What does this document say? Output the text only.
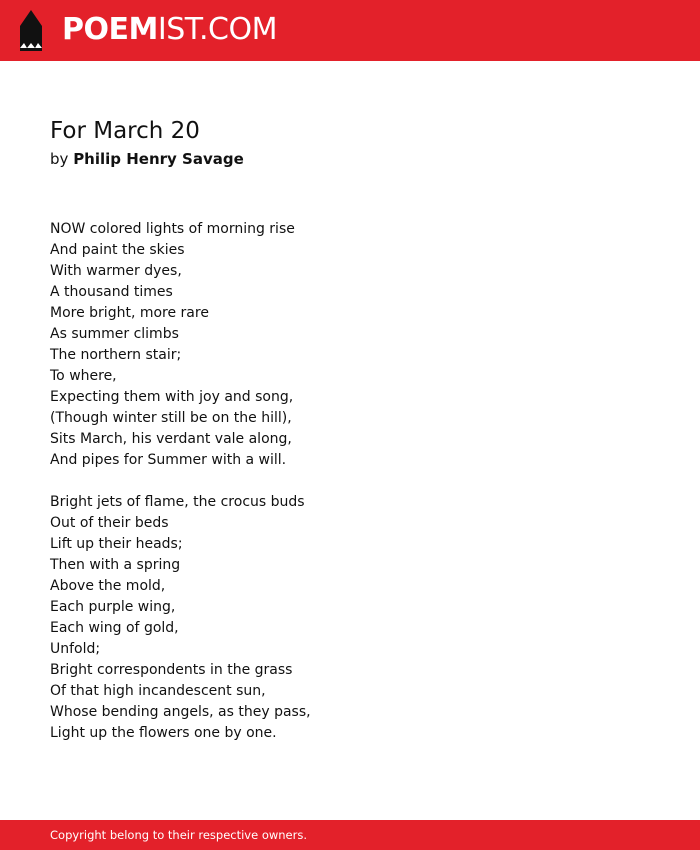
POEMIST.COM
For March 20
by Philip Henry Savage
NOW colored lights of morning rise
And paint the skies
With warmer dyes,
A thousand times
More bright, more rare
As summer climbs
The northern stair;
To where,
Expecting them with joy and song,
(Though winter still be on the hill),
Sits March, his verdant vale along,
And pipes for Summer with a will.
Bright jets of flame, the crocus buds
Out of their beds
Lift up their heads;
Then with a spring
Above the mold,
Each purple wing,
Each wing of gold,
Unfold;
Bright correspondents in the grass
Of that high incandescent sun,
Whose bending angels, as they pass,
Light up the flowers one by one.
Copyright belong to their respective owners.
